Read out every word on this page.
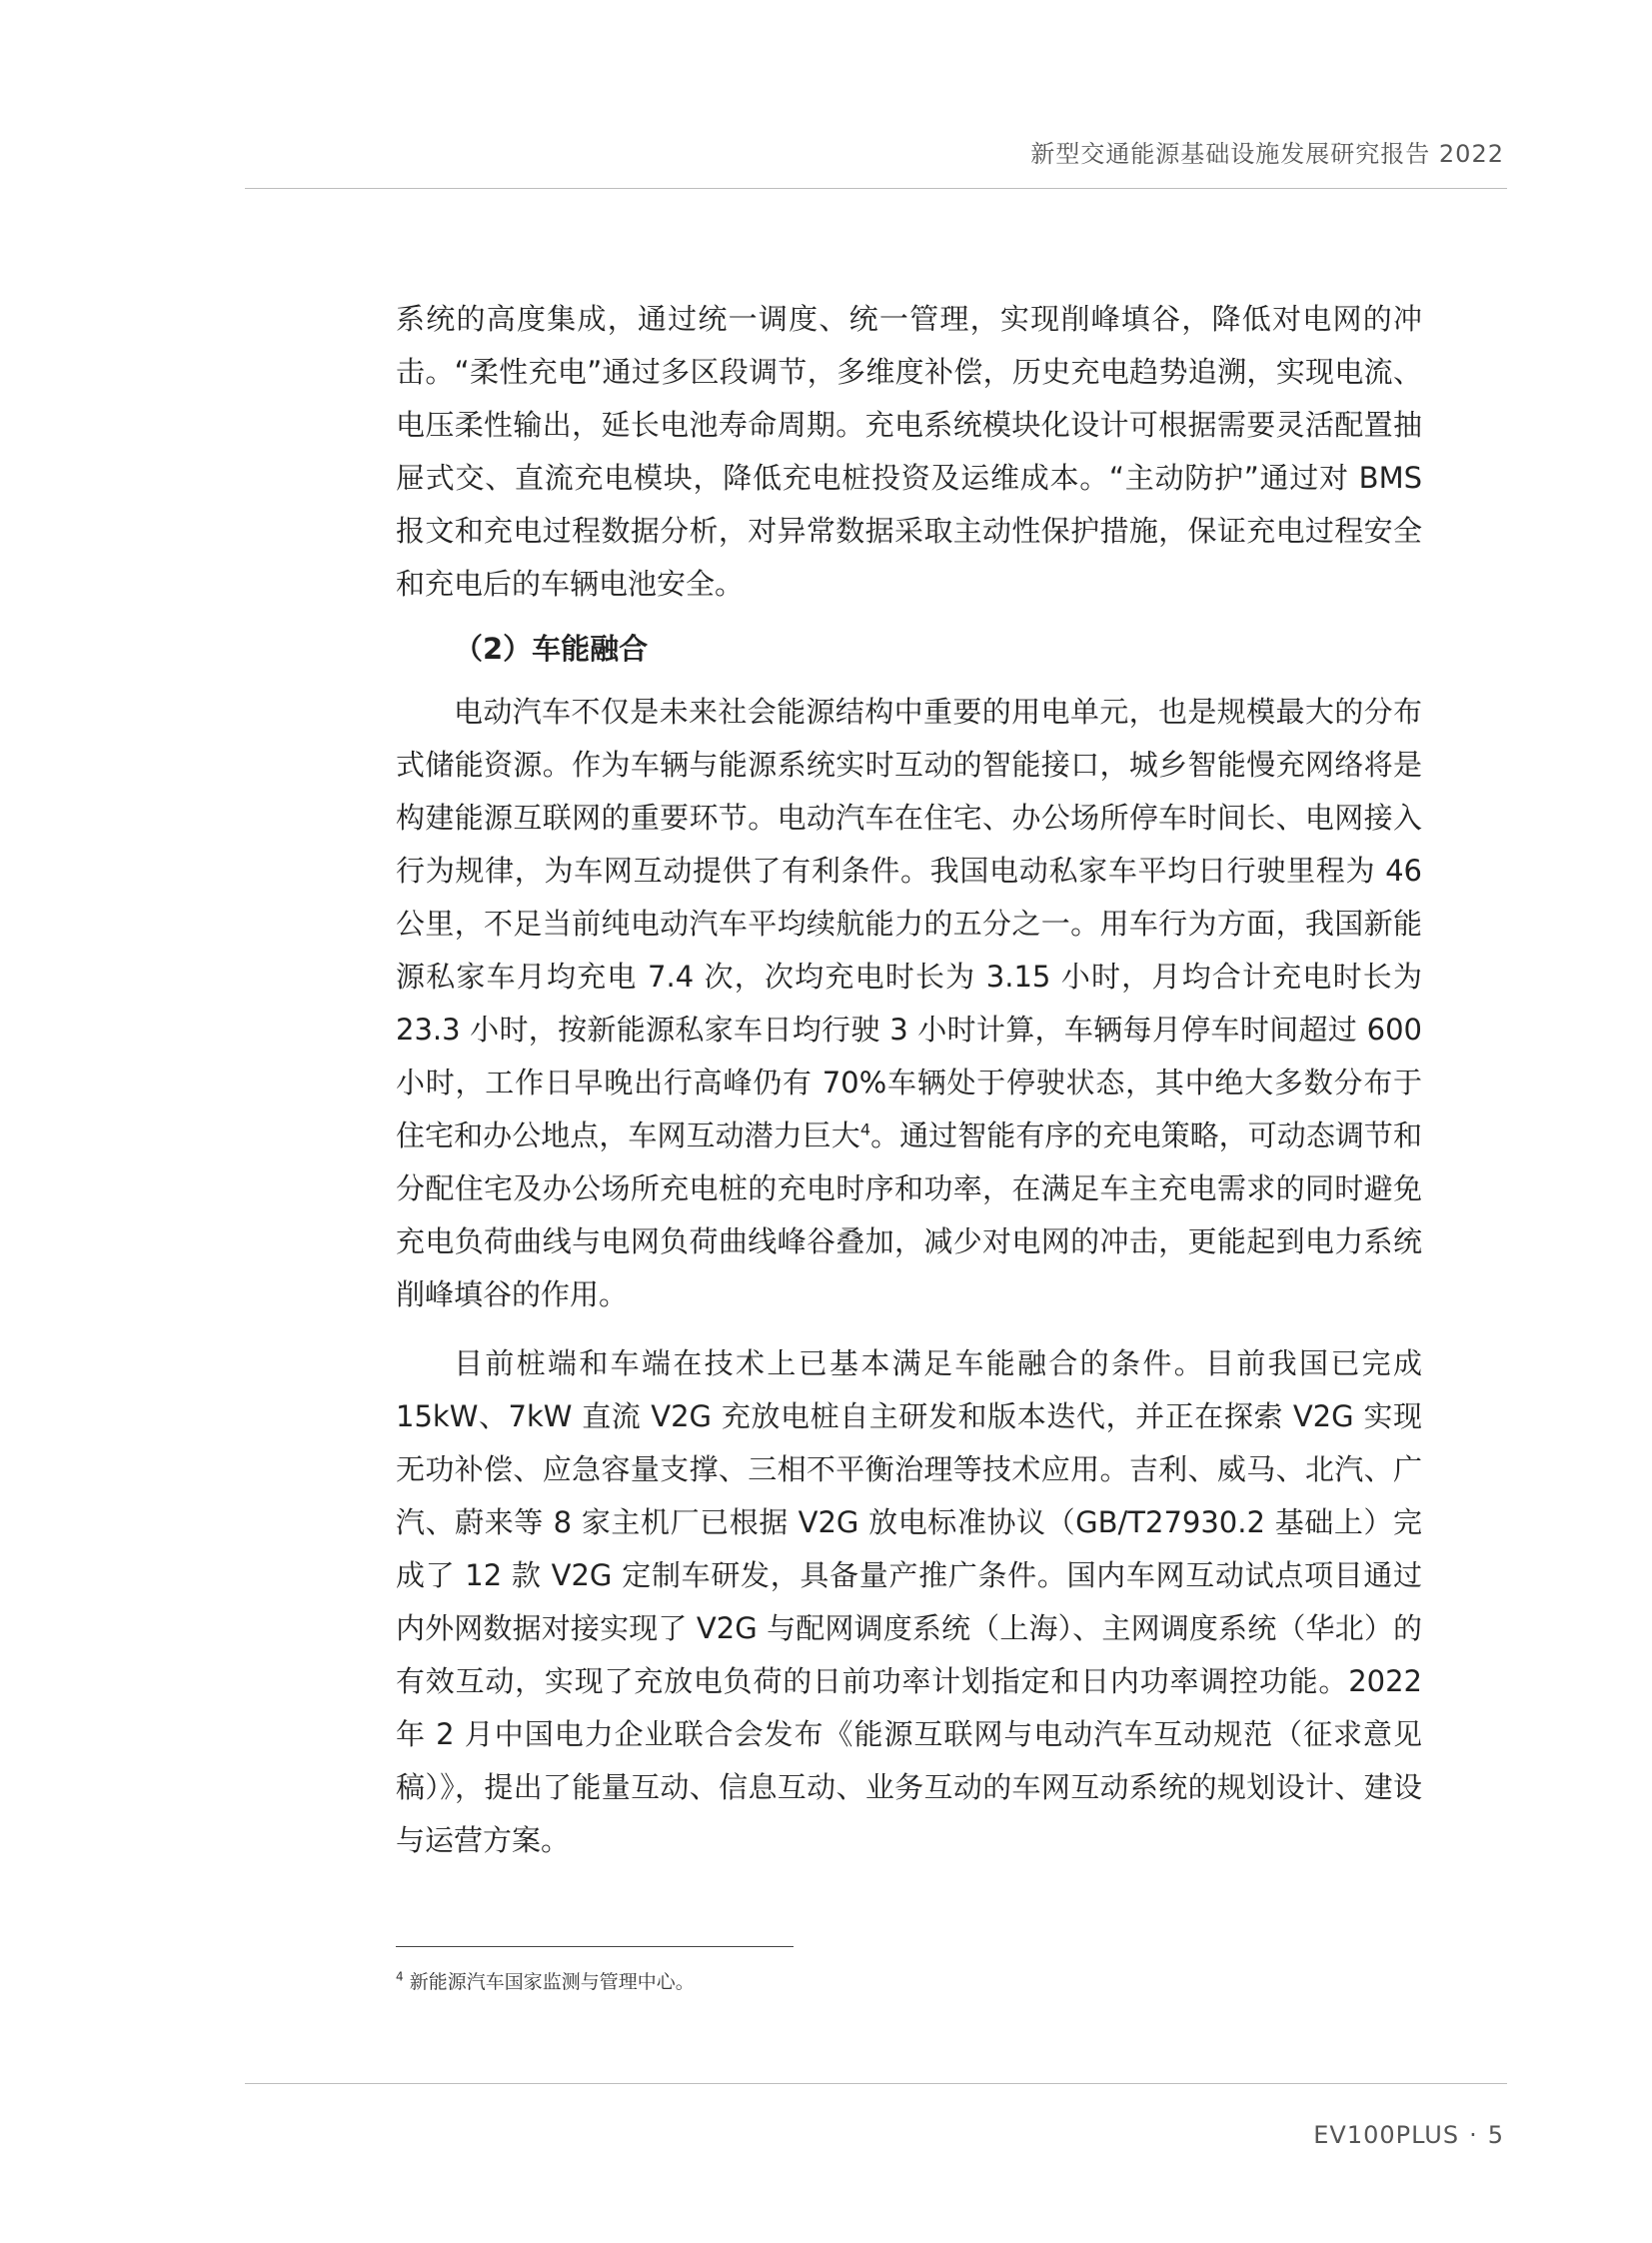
新型交通能源基础设施发展研究报告 2022

系统的高度集成，通过统一调度、统一管理，实现削峰填谷，降低对电网的冲击。“柔性充电”通过多区段调节，多维度补偿，历史充电趋势追溯，实现电流、电压柔性输出，延长电池寿命周期。充电系统模块化设计可根据需要灵活配置抽屉式交、直流充电模块，降低充电桩投资及运维成本。“主动防护”通过对 BMS 报文和充电过程数据分析，对异常数据采取主动性保护措施，保证充电过程安全和充电后的车辆电池安全。

（2）车能融合

电动汽车不仅是未来社会能源结构中重要的用电单元，也是规模最大的分布式储能资源。作为车辆与能源系统实时互动的智能接口，城乡智能慢充网络将是构建能源互联网的重要环节。电动汽车在住宅、办公场所停车时间长、电网接入行为规律，为车网互动提供了有利条件。我国电动私家车平均日行驶里程为 46 公里，不足当前纯电动汽车平均续航能力的五分之一。用车行为方面，我国新能源私家车月均充电 7.4 次，次均充电时长为 3.15 小时，月均合计充电时长为 23.3 小时，按新能源私家车日均行驶 3 小时计算，车辆每月停车时间超过 600 小时，工作日早晚出行高峰仍有 70%车辆处于停驶状态，其中绝大多数分布于住宅和办公地点，车网互动潜力巨大$^4$。通过智能有序的充电策略，可动态调节和分配住宅及办公场所充电桩的充电时序和功率，在满足车主充电需求的同时避免充电负荷曲线与电网负荷曲线峰谷叠加，减少对电网的冲击，更能起到电力系统削峰填谷的作用。

目前桩端和车端在技术上已基本满足车能融合的条件。目前我国已完成 15kW、7kW 直流 V2G 充放电桩自主研发和版本迭代，并正在探索 V2G 实现无功补偿、应急容量支撑、三相不平衡治理等技术应用。吉利、威马、北汽、广汽、蔚来等 8 家主机厂已根据 V2G 放电标准协议（GB/T27930.2 基础上）完成了 12 款 V2G 定制车研发，具备量产推广条件。国内车网互动试点项目通过内外网数据对接实现了 V2G 与配网调度系统（上海）、主网调度系统（华北）的有效互动，实现了充放电负荷的日前功率计划指定和日内功率调控功能。2022 年 2 月中国电力企业联合会发布《能源互联网与电动汽车互动规范（征求意见稿）》，提出了能量互动、信息互动、业务互动的车网互动系统的规划设计、建设与运营方案。

$^4$ 新能源汽车国家监测与管理中心。
EV100PLUS · 5
